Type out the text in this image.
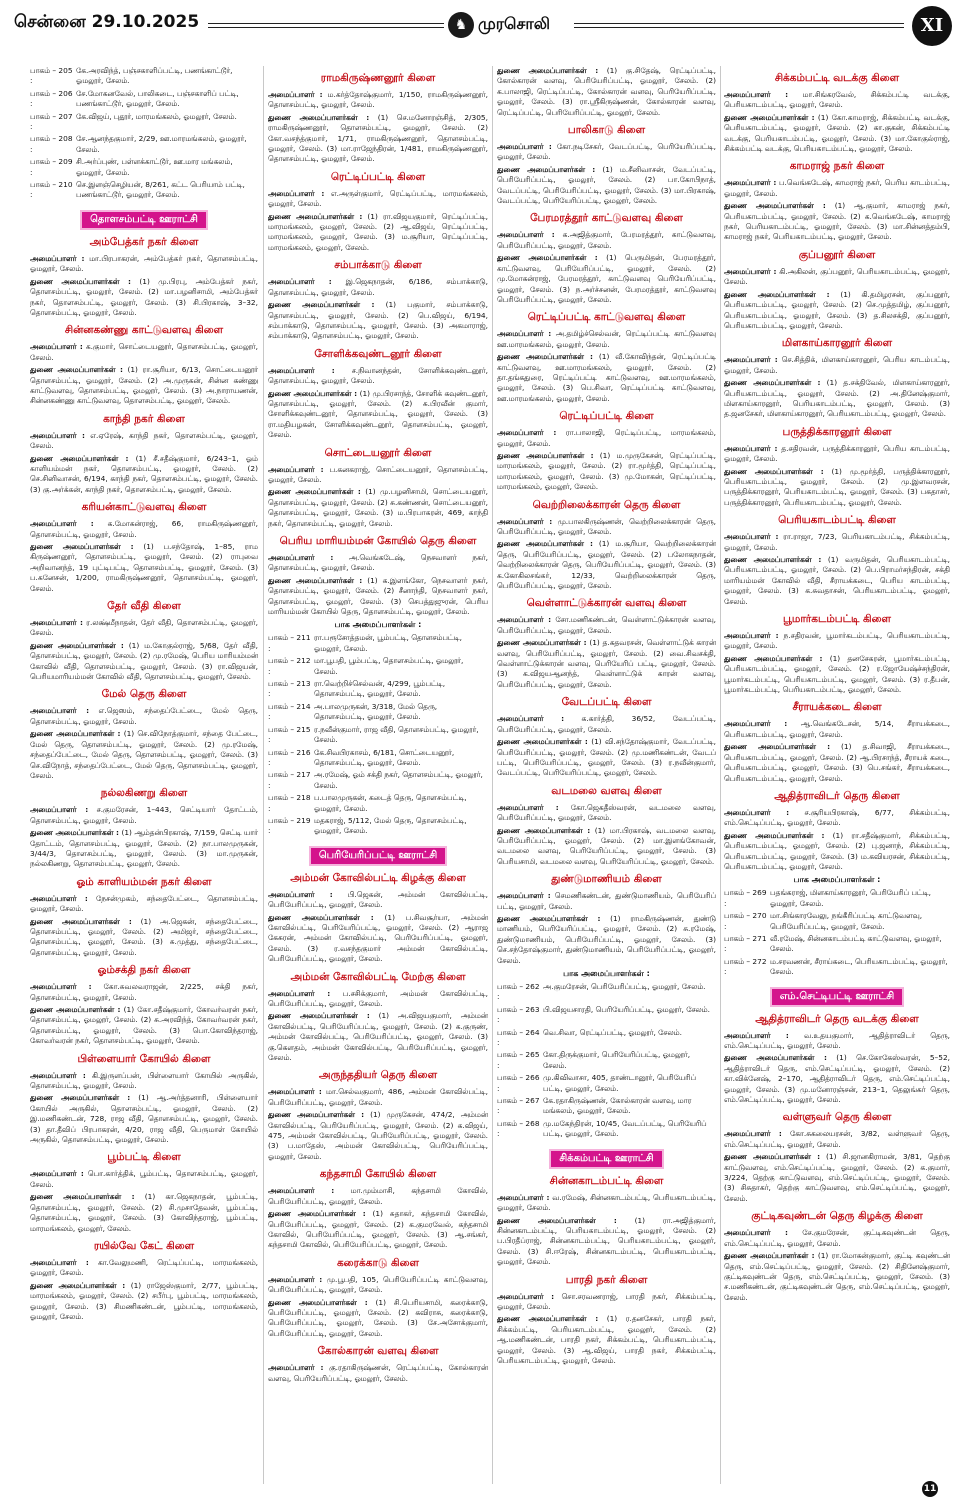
சென்னை 29.10.2025	♞ முரசொலி	XI
பாகம் – 205 :
கே.அரவிந்த், பஞ்சகாளிப்பட்டி, பணங்காட்டூர், ஓமலூர், சேலம்.
பாகம் – 206 :
சே.மோகனவேல், பாலிகடை, பஞ்சகாளிப் பட்டி, பணங்காட்டூர், ஓமலூர், சேலம்.
பாகம் – 207 :
கே.விஜய், புதூர், மாரமங்கலம், ஓமலூர், சேலம்.
பாகம் – 208 :
சே.ஆனந்தகுமார், 2/29, ஊ.மாரமங்கலம், ஓமலூர், சேலம்.
பாகம் – 209 :
சி.அர்ப்புண், பள்ளக்காட்டூர், ஊ.மார மங்கலம், ஓமலூர், சேலம்.
பாகம் – 210 :
செ.இளஞ்செழியன், 8/261, கட்ட பெரியாம் பட்டி, பணங்காட்டூர், ஓமலூர், சேலம்.
தொளசம்பட்டி ஊராட்சி
அம்பேத்கர் நகர் கிளை
அமைப்பாளர் : மா.பிரபாகரன், அம்பேத்கர் நகர், தொளசம்பட்டி, ஓமலூர், சேலம்.
துணை அமைப்பாளர்கள் : (1) மு.பிரபு, அம்பேத்கர் நகர், தொளசம்பட்டி, ஓமலூர், சேலம். (2) மா.பழனிசாமி, அம்பேத்கர் நகர், தொளசம்பட்டி, ஓமலூர், சேலம். (3) சி.பிரகாஷ், 3–32, தொளசம்பட்டி, ஓமலூர், சேலம்.
சின்னகண்ணு காட்டுவளவு கிளை
அமைப்பாளர் : க.குமார், சொட்டையனூர், தொளசம்பட்டி, ஓமலூர், சேலம்.
துணை அமைப்பாளர்கள் : (1) ரா.சூரியா, 6/13, சொட்டையனூர் தொளசம்பட்டி, ஓமலூர், சேலம். (2) அ.முருகன், சின்ன கண்ணு காட்டுவளவு, தொளசம்பட்டி, ஓமலூர், சேலம். (3) அ.நாராயணன், சின்னகண்ணு காட்டுவளவு, தொளசம்பட்டி, ஓமலூர், சேலம்.
காந்தி நகர் கிளை
அமைப்பாளர் : எ.ஏரேஷ், காந்தி நகர், தொளசம்பட்டி, ஓமலூர், சேலம்.
துணை அமைப்பாளர்கள் : (1) சீ.சதீஷ்குமார், 6/243–1, ஓம் காளியம்மன் நகர், தொளசம்பட்டி, ஓமலூர், சேலம். (2) செ.சினிவாசன், 6/194, காந்தி நகர், தொளசம்பட்டி, ஓமலூர், சேலம். (3) கு.அர்க்கன், காந்தி நகர், தொளசம்பட்டி, ஓமலூர், சேலம்.
கரியன்காட்டுவளவு கிளை
அமைப்பாளர் : க.மோகன்ராஜ், 66, ராமகிருஷ்ணனூர், தொளசம்பட்டி, ஓமலூர், சேலம்.
துணை அமைப்பாளர்கள் : (1) ப.சந்தோஷ், 1–85, ராம கிருஷ்ணனூர், தொளசம்பட்டி, ஓமலூர், சேலம். (2) ராபுவை அறிவானந்த், 19 புட்டிபட்டி, தொளசம்பட்டி, ஓமலூர், சேலம். (3) ப.கனேசன், 1/200, ராமகிருஷ்ணனூர், தொளசம்பட்டி, ஓமலூர், சேலம்.
தேர் வீதி கிளை
அமைப்பாளர் : ர.லக்ஷ்மீநாதன், தேர் வீதி, தொளசம்பட்டி, ஓமலூர், சேலம்.
துணை அமைப்பாளர்கள் : (1) ம.கோகுல்ராஜ், 5/68, தேர் வீதி, தொளசம்பட்டி, ஓமலூர், சேலம். (2) மு.ரமேஷ், பெரிய மாரியம்மன் கோவில் வீதி, தொளசம்பட்டி, ஓமலூர், சேலம். (3) ரா.விஜயன், பெரியமாரியம்மன் கோவில் வீதி, தொளசம்பட்டி, ஓமலூர், சேலம்.
மேல் தெரு கிளை
அமைப்பாளர் : எ.ஜெஸம், சந்தைப்பேட்டை, மேல் தெரு, தொளசம்பட்டி, ஓமலூர், சேலம்.
துணை அமைப்பாளர்கள் : (1) செ.விநோத்குமார், சந்தை பேட்டை, மேல் தெரு, தொளசம்பட்டி, ஓமலூர், சேலம். (2) மு.ரமேஷ், சந்தைப்பேட்டை, மேல் தெரு, தொளசம்பட்டி, ஓமலூர், சேலம். (3) செ.விநோத், சந்தைப்பேட்டை, மேல் தெரு, தொளசம்பட்டி, ஓமலூர், சேலம்.
நல்லகிணறு கிளை
அமைப்பாளர் : ச.குமரேசன், 1–443, செட்டியார் தோட்டம், தொளசம்பட்டி, ஓமலூர், சேலம்.
துணை அமைப்பாளர்கள் : (1) ஆம்தன்பிரகாஷ், 7/159, செட்டி யார் தோட்டம், தொளசம்பட்டி, ஓமலூர், சேலம். (2) நா.பாலமுருகன், 3/44/3, தொளசம்பட்டி, ஓமலூர், சேலம். (3) மா.முருகன், நல்லகிணறு, தொளசம்பட்டி, ஓமலூர், சேலம்.
ஓம் காளியம்மன் நகர் கிளை
அமைப்பாளர் : நேசன்முகம், சந்தைபேட்டை, தொளசம்பட்டி, ஓமலூர், சேலம்.
துணை அமைப்பாளர்கள் : (1) அ.ஜெகன், சந்தைபேட்டை, தொளசம்பட்டி, ஓமலூர், சேலம். (2) அமிஜர், சந்தைபேட்டை, தொளசம்பட்டி, ஓமலூர், சேலம். (3) சு.முத்து, சந்தைபேட்டை, தொளசம்பட்டி, ஓமலூர், சேலம்.
ஓம்சக்தி நகர் கிளை
அமைப்பாளர் : கோ.சுவலவராஜன், 2/225, சக்தி நகர், தொளசம்பட்டி, ஓமலூர், சேலம்.
துணை அமைப்பாளர்கள் : (1) கோ.சதீஷ்குமார், கோவர்வரன் நகர், தொளசம்பட்டி, ஓமலூர், சேலம். (2) சு.அரவிந்த், கோவர்வரன் நகர், தொளசம்பட்டி, ஓமலூர், சேலம். (3) பொ.கோவிந்தராஜ், கோவர்வரன் நகர், தொளசம்பட்டி, ஓமலூர், சேலம்.
பிள்ளையார் கோயில் கிளை
அமைப்பாளர் : கி.இருளப்பன், பிள்ளையார் கோயில் அருகில், தொளசம்பட்டி, ஓமலூர், சேலம்.
துணை அமைப்பாளர்கள் : (1) ஆ.அர்த்தனாரி, பிள்ளையார் கோயில் அருகில், தொளசம்பட்டி, ஓமலூர், சேலம். (2) இ.மணிகண்டன், 728, ராஜ வீதி, தொளசம்பட்டி, ஓமலூர், சேலம். (3) தா.தீவிப் பிரபாகரன், 4/20, ராஜ வீதி, பெருமாள் கோயில் அருகில், தொளசம்பட்டி, ஓமலூர், சேலம்.
பூம்பட்டி கிளை
அமைப்பாளர் : பொ.கார்த்திக், பூம்பட்டி, தொளசம்பட்டி, ஓமலூர், சேலம்.
துணை அமைப்பாளர்கள் : (1) கா.ஜெகநாதன், பூம்பட்டி, தொளசம்பட்டி, ஓமலூர், சேலம். (2) சி.முசாதேவன், பூம்பட்டி, தொளசம்பட்டி, ஓமலூர், சேலம். (3) கோவிந்தராஜ், பூம்பட்டி, மாரமங்கலம், ஓமலூர், சேலம்.
ரயில்வே கேட் கிளை
அமைப்பாளர் : கா.வேலுமணி, ரெட்டிப்பட்டி, மாரமங்கலம், ஓமலூர், சேலம்.
துணை அமைப்பாளர்கள் : (1) ராஜேஸ்குமார், 2/77, பூம்பட்டி, மாரமங்கலம், ஓமலூர், சேலம். (2) சபீர்பு, பூம்பட்டி, மாரமங்கலம், ஓமலூர், சேலம். (3) சிமணிகண்டன், பூம்பட்டி, மாரமங்கலம், ஓமலூர், சேலம்.
ராமகிருஷ்ணனூர் கிளை
அமைப்பாளர் : ம.கர்த்தோஷ்குமார், 1/150, ராமகிருஷ்ணனூர், தொளசம்பட்டி, ஓமலூர், சேலம்.
துணை அமைப்பாளர்கள் : (1) செ.மனோரஞ்சித், 2/305, ராமகிருஷ்ணனூர், தொளசம்பட்டி, ஓமலூர், சேலம். (2) கோ.வசந்த்குமார், 1/71, ராமகிருஷ்ணனூர், தொளசம்பட்டி, ஓமலூர், சேலம். (3) மா.ராஜேந்திரன், 1/481, ராமகிருஷ்ணனூர், தொளசம்பட்டி, ஓமலூர், சேலம்.
ரெட்டிப்பட்டி கிளை
அமைப்பாளர் : எ.அருள்குமார், ரெட்டிப்பட்டி, மாரமங்கலம், ஓமலூர், சேலம்.
துணை அமைப்பாளர்கள் : (1) ரா.விஜயகுமார், ரெட்டிப்பட்டி, மாரமங்கலம், ஓமலூர், சேலம். (2) ஆ.விஜய், ரெட்டிப்பட்டி, மாரமங்கலம், ஓமலூர், சேலம். (3) ம.சூரியா, ரெட்டிப்பட்டி, மாரமங்கலம், ஓமலூர், சேலம்.
சம்பாக்காடு கிளை
அமைப்பாளர் : இ.ஜெகநாதன், 6/186, சம்பாக்காடு, தொளசம்பட்டி, ஓமலூர், சேலம்.
துணை அமைப்பாளர்கள் : (1) பகுமார், சம்பாக்காடு, தொளசம்பட்டி, ஓமலூர், சேலம். (2) பெ.விஜய், 6/194, சம்பாக்காடு, தொளசம்பட்டி, ஓமலூர், சேலம். (3) அகமாராஜ், சம்பாக்காடு, தொளசம்பட்டி, ஓமலூர், சேலம்.
சோளிக்கவுண்டனூர் கிளை
அமைப்பாளர் : ச.நிவானந்தன், சோளிக்கவுண்டனூர், தொளசம்பட்டி, ஓமலூர், சேலம்.
துணை அமைப்பாளர்கள் : (1) மு.பிரசாந்த், சோளிக் கவுண்டனூர், தொளசம்பட்டி, ஓமலூர், சேலம். (2) சு.பிரவீன் குமார், சோளிக்கவுண்டனூர், தொளசம்பட்டி, ஓமலூர், சேலம். (3) ரா.மதியழகன், சோளிக்கவுண்டனூர், தொளசம்பட்டி, ஓமலூர், சேலம்.
சொட்டையனூர் கிளை
அமைப்பாளர் : ப.கனகராஜ், சொட்டையனூர், தொளசம்பட்டி, ஓமலூர், சேலம்.
துணை அமைப்பாளர்கள் : (1) மு.பழனிசாமி, சொட்டையனூர், தொளசம்பட்டி, ஓமலூர், சேலம். (2) சு.கண்ணன், சொட்டையனூர், தொளசம்பட்டி, ஓமலூர், சேலம். (3) ம.பிரபாகரன், 469, காந்தி நகர், தொளசம்பட்டி, ஓமலூர், சேலம்.
பெரிய மாரியம்மன் கோயில் தெரு கிளை
அமைப்பாளர் : அ.வெங்கடேஷ், நெசவாளர் நகர், தொளசம்பட்டி, ஓமலூர், சேலம்.
துணை அமைப்பாளர்கள் : (1) க.இளங்கோ, நெசவாளர் நகர், தொளசம்பட்டி, ஓமலூர், சேலம். (2) சீனாந்தி, நெசவாளர் நகர், தொளசம்பட்டி, ஓமலூர், சேலம். (3) செபத்துஜுரன், பெரிய மாரியம்மன் கோயில் தெரு, தொளசம்பட்டி, ஓமலூர், சேலம்.
பாக அமைப்பாளர்கள் :
பாகம் – 211 :
ரா.பரூசோத்தமன், பூம்பட்டி, தொளசம்பட்டி, ஓமலூர், சேலம்.
பாகம் – 212 :
மா.பூபதி, பூம்பட்டி, தொளசம்பட்டி, ஓமலூர், சேலம்.
பாகம் – 213 :
ரா.வெற்றிச்செல்வன், 4/299, பூம்பட்டி, தொளசம்பட்டி, ஓமலூர், சேலம்.
பாகம் – 214 :
அ.பாலமுருகன், 3/318, மேல் தெரு, தொளசம்பட்டி, ஓமலூர், சேலம்.
பாகம் – 215 :
ர.நவீன்குமார், ராஜ வீதி, தொளசம்பட்டி, ஓமலூர், சேலம்.
பாகம் – 216 :
கே.சிவபிரகாசம், 6/181, சொட்டையனூர், தொளசம்பட்டி, ஓமலூர், சேலம்.
பாகம் – 217 :
அ.ரமேஷ், ஓம் சக்தி நகர், தொளசம்பட்டி, ஓமலூர், சேலம்.
பாகம் – 218 :
ப.பாலமுருகன், கடைத் தெரு, தொளசம்பட்டி, ஓமலூர், சேலம்.
பாகம் – 219 :
மதகராஜ், 5/112, மேல் தெரு, தொளசம்பட்டி, ஓமலூர், சேலம்.
பெரியேரிப்பட்டி ஊராட்சி
அம்மன் கோவில்பட்டி கிழக்கு கிளை
அமைப்பாளர் : பி.ஜெகன், அம்மன் கோவில்பட்டி, பெரியேரிப்பட்டி, ஓமலூர், சேலம்.
துணை அமைப்பாளர்கள் : (1) ப.சிவசூர்யா, அம்மன் கோவில்பட்டி, பெரியேரிப்பட்டி, ஓமலூர், சேலம். (2) ஆராஜ கேசுரன், அம்மன் கோவில்பட்டி, பெரியேரிப்பட்டி, ஓமலூர், சேலம். (3) ர.வசந்தகுமார் அம்மன் கோவில்பட்டி, பெரியேரிப்பட்டி, ஓமலூர், சேலம்.
அம்மன் கோவில்பட்டி மேற்கு கிளை
அமைப்பாளர் : ப.சசிக்குமார், அம்மன் கோவில்பட்டி, பெரியேரிப்பட்டி, ஓமலூர், சேலம்.
துணை அமைப்பாளர்கள் : (1) அ.விஜயகுமார், அம்மன் கோவில்பட்டி, பெரியேரிப்பட்டி, ஓமலூர், சேலம். (2) க.குருண், அம்மன் கோவில்பட்டி, பெரியேரிப்பட்டி, ஓமலூர், சேலம். (3) கு.கௌதம், அம்மன் கோவில்பட்டி, பெரியேரிப்பட்டி, ஓமலூர், சேலம்.
அருந்ததியர் தெரு கிளை
அமைப்பாளர் : மா.செல்வகுமார், 486, அம்மன் கோவில்பட்டி, பெரியேரிப்பட்டி, ஓமலூர், சேலம்.
துணை அமைப்பாளர்கள் : (1) முருகேசன், 474/2, அம்மன் கோவில்பட்டி, பெரியேரிப்பட்டி, ஓமலூர், சேலம். (2) க.விஜய், 475, அம்மன் கோவில்பட்டி, பெரியேரிப்பட்டி, ஓமலூர், சேலம். (3) ப.மாதேஸ், அம்மன் கோவில்பட்டி, பெரியேரிப்பட்டி, ஓமலூர், சேலம்.
கந்தசாமி கோயில் கிளை
அமைப்பாளர் : மா.மும்மாசி, கந்தசாமி கோவில், பெரியேரிப்பட்டி, ஓமலூர், சேலம்.
துணை அமைப்பாளர்கள் : (1) சுதாகர், கந்தசாமி கோவில், பெரியேரிப்பட்டி, ஓமலூர், சேலம். (2) க.குமரவேல், கந்தசாமி கோவில், பெரியேரிப்பட்டி, ஓமலூர், சேலம். (3) ஆ.சங்கர், கந்தசாமி கோவில், பெரியேரிப்பட்டி, ஓமலூர், சேலம்.
கரைக்காடு கிளை
அமைப்பாளர் : மு.பூபதி, 105, பெரியேரிப்பட்டி காட்டுவளவு, பெரியேரிப்பட்டி, ஓமலூர், சேலம்.
துணை அமைப்பாளர்கள் : (1) சி.பெரியசாமி, கரைக்காடு, பெரியேரிப்பட்டி, ஓமலூர், சேலம். (2) கவிராசு, கரைக்காடு, பெரியேரிப்பட்டி, ஓமலூர், சேலம். (3) சே.அசோக்குமார், பெரியேரிப்பட்டி, ஓமலூர், சேலம்.
கோல்காரன் வளவு கிளை
அமைப்பாளர் : கு.ரதாகிருஷ்ணன், ரெட்டிப்பட்டி, கோல்காரன் வளவு, பெரியேரிப்பட்டி, ஓமலூர், சேலம்.
துணை அமைப்பாளர்கள் : (1) கு.சிதேஷ், ரெட்டிப்பட்டி, கோல்காரன் வளவு, பெரியேரிப்பட்டி, ஓமலூர், சேலம். (2) க.பாலாஜி, ரெட்டிப்பட்டி, கோல்காரன் வளவு, பெரியேரிப்பட்டி, ஓமலூர், சேலம். (3) ரா.ஸ்ரீகிருஷ்ணன், கோல்காரன் வளவு, ரெட்டிப்பட்டி, பெரியேரிப்பட்டி, ஓமலூர், சேலம்.
பாலிகாடு கிளை
அமைப்பாளர் : கோ.நடிசேகர், வேடப்பட்டி, பெரியேரிப்பட்டி, ஓமலூர், சேலம்.
துணை அமைப்பாளர்கள் : (1) ம.சீனிவாசன், வேடப்பட்டி, பெரியேரிப்பட்டி, ஓமலூர், சேலம். (2) பா.கோபிநாத், வேடப்பட்டி, பெரியேரிப்பட்டி, ஓமலூர், சேலம். (3) மா.பிரகாஷ், வேடப்பட்டி, பெரியேரிப்பட்டி, ஓமலூர், சேலம்.
பேரமரத்தூர் காட்டுவளவு கிளை
அமைப்பாளர் : க.அஜித்குமார், பேரமரத்தூர், காட்டுவளவு, பெரியேரிப்பட்டி, ஓமலூர், சேலம்.
துணை அமைப்பாளர்கள் : (1) பெருமிதன், பேரமரத்தூர், காட்டுவளவு, பெரியேரிப்பட்டி, ஓமலூர், சேலம். (2) மு.மோகன்ராஜ், பேரமரத்தூர், காட்டுவளவு பெரியேரிப்பட்டி, ஓமலூர், சேலம். (3) ந.அர்ச்சனன், பேரமரத்தூர், காட்டுவளவு பெரியேரிப்பட்டி, ஓமலூர், சேலம்.
ரெட்டிப்பட்டி காட்டுவளவு கிளை
அமைப்பாளர் : அ.தமிழ்ச்செல்வன், ரெட்டிப்பட்டி காட்டுவளவு ஊ.மாரமங்கலம், ஓமலூர், சேலம்.
துணை அமைப்பாளர்கள் : (1) வீ.கோவிந்தன், ரெட்டிப்பட்டி காட்டுவளவு, ஊ.மாரமங்கலம், ஓமலூர், சேலம். (2) தா.தங்கதுரை, ரெட்டிப்பட்டி காட்டுவளவு, ஊ.மாரமங்கலம், ஓமலூர், சேலம். (3) பெ.சிவா, ரெட்டிப்பட்டி காட்டுவளவு, ஊ.மாரமங்கலம், ஓமலூர், சேலம்.
ரெட்டிப்பட்டி கிளை
அமைப்பாளர் : ரா.பாலாஜி, ரெட்டிப்பட்டி, மாரமங்கலம், ஓமலூர், சேலம்.
துணை அமைப்பாளர்கள் : (1) ம.முருகேசன், ரெட்டிப்பட்டி, மாரமங்கலம், ஓமலூர், சேலம். (2) ரா.மூர்த்தி, ரெட்டிப்பட்டி, மாரமங்கலம், ஓமலூர், சேலம். (3) மு.மோகன், ரெட்டிப்பட்டி, மாரமங்கலம், ஓமலூர், சேலம்.
வெற்றிலைக்காரன் தெரு கிளை
அமைப்பாளர் : மு.பாலகிருஷ்ணன், வெற்றிலைக்காரன் தெரு, பெரியேரிப்பட்டி, ஓமலூர், சேலம்.
துணை அமைப்பாளர்கள் : (1) ம.சூரியா, வெற்றிலைக்காரன் தெரு, பெரியேரிப்பட்டி, ஓமலூர், சேலம். (2) பலோகநாதன், வெற்றிலைக்காரன் தெரு, பெரியேரிப்பட்டி, ஓமலூர், சேலம். (3) க.கோகிலசங்கர், 12/33, வெற்றிலைக்காரன் தெரு, பெரியேரிப்பட்டி, ஓமலூர், சேலம்.
வெள்ளாட்டுக்காரன் வளவு கிளை
அமைப்பாளர் : சோ.மணிகண்டன், வெள்ளாட்டுக்காரன் வளவு, பெரியேரிப்பட்டி, ஓமலூர், சேலம்.
துணை அமைப்பாளர்கள் : (1) த.கதவரசன், வெள்ளாட்டுக் காரன் வளவு, பெரியேரிப்பட்டி, ஓமலூர், சேலம். (2) வை.சிவசக்தி, வெள்ளாட்டுக்காரன் வளவு, பெரியேரிப் பட்டி, ஓமலூர், சேலம். (3) க.விஜயஆனந்த், வெள்ளாட்டுக் காரன் வளவு, பெரியேரிப்பட்டி, ஓமலூர், சேலம்.
வேடப்பட்டி கிளை
அமைப்பாளர் : க.கார்த்தி, 36/52, வேடப்பட்டி, பெரியேரிப்பட்டி, ஓமலூர், சேலம்.
துணை அமைப்பாளர்கள் : (1) வி.சந்தோஷ்குமார், வேடப்பட்டி, பெரியேரிப்பட்டி, ஓமலூர், சேலம். (2) மு.மணிகண்டன், வேடப் பட்டி, பெரியேரிப்பட்டி, ஓமலூர், சேலம். (3) ர.நவீன்குமார், வேடப்பட்டி, பெரியேரிப்பட்டி, ஓமலூர், சேலம்.
வடமலை வளவு கிளை
அமைப்பாளர் : கோ.ஜெகதீஸ்வரன், வடமலை வளவு, பெரியேரிப்பட்டி, ஓமலூர், சேலம்.
துணை அமைப்பாளர்கள் : (1) மா.பிரகாஷ், வடமலை வளவு, பெரியேரிப்பட்டி, ஓமலூர், சேலம். (2) மா.இளங்கோவன், வடமலை வளவு, பெரியேரிப்பட்டி, ஓமலூர், சேலம். (3) பெரியசாமி, வடமலை வளவு, பெரியேரிப்பட்டி, ஓமலூர், சேலம்.
துண்டுமாணியம் கிளை
அமைப்பாளர் : செமணிகண்டன், துண்டுமாணியம், பெரியேரிப் பட்டி, ஓமலூர், சேலம்.
துணை அமைப்பாளர்கள் : (1) ராமகிருஷ்ணன், துண்டு மாணியம், பெரியேரிப்பட்டி, ஓமலூர், சேலம். (2) சு.ரமேஷ், துண்டுமாணியம், பெரியேரிப்பட்டி, ஓமலூர், சேலம். (3) செ.சந்தோஷ்குமார், துண்டுமாணியம், பெரியேரிப்பட்டி, ஓமலூர், சேலம்.
பாக அமைப்பாளர்கள் :
பாகம் – 262 :
அ.குமரேசன், பெரியேரிப்பட்டி, ஓமலூர், சேலம்.
பாகம் – 263 :
பி.விஜயசாரதி, பெரியேரிப்பட்டி, ஓமலூர், சேலம்.
பாகம் – 264 :
வெ.சிவா, ரெட்டிப்பட்டி, ஓமலூர், சேலம்.
பாகம் – 265 :
கோ.திருக்குமார், பெரியேரிப்பட்டி, ஓமலூர், சேலம்.
பாகம் – 266 :
மு.கிவிவாசா, 405, தாண்டானூர், பெரியேரிப் பட்டி, ஓமலூர், சேலம்.
பாகம் – 267 :
கே.ரதாகிருஷ்ணன், கோல்காரன் வளவு, மார மங்கலம், ஓமலூர், சேலம்.
பாகம் – 268 :
மு.மகேந்திரன், 10/45, வேடப்பட்டி, பெரியேரிப் பட்டி, ஓமலூர், சேலம்.
சிக்கம்பட்டி ஊராட்சி
சின்னகாடம்பட்டி கிளை
அமைப்பாளர் : வ.ரமேஷ், சின்னகாடம்பட்டி, பெரியகாடம்பட்டி, ஓமலூர், சேலம்.
துணை அமைப்பாளர்கள் : (1) ரா.அஜித்குமார், சின்னகாடம்பட்டி, பெரியகாடம்பட்டி, ஓமலூர், சேலம். (2) ப.பிரதீப்ராஜ், சின்னகாடம்பட்டி, பெரியகாடம்பட்டி, ஓமலூர், சேலம். (3) சி.ஈரேஷ், சின்னகாடம்பட்டி, பெரியகாடம்பட்டி, ஓமலூர், சேலம்.
பாரதி நகர் கிளை
அமைப்பாளர் : சொ.சரவணராஜ், பாரதி நகர், சிக்கம்பட்டி, ஓமலூர், சேலம்.
துணை அமைப்பாளர்கள் : (1) ர.தனசேகர், பாரதி நகர், சிக்கம்பட்டி, பெரியகாடம்பட்டி, ஓமலூர், சேலம். (2) ஆ.மணிகண்டன், பாரதி நகர், சிக்கம்பட்டி, பெரியகாடம்பட்டி, ஓமலூர், சேலம். (3) ஆ.விஜய், பாரதி நகர், சிக்கம்பட்டி, பெரியகாடம்பட்டி, ஓமலூர், சேலம்.
சிக்கம்பட்டி வடக்கு கிளை
அமைப்பாளர் : மா.சிங்கரவேல், சிக்கம்பட்டி வடக்கு, பெரியகாடம்பட்டி, ஓமலூர், சேலம்.
துணை அமைப்பாளர்கள் : (1) கோ.காமராஜ், சிக்கம்பட்டி வடக்கு, பெரியகாடம்பட்டி, ஓமலூர், சேலம். (2) கா.குகன், சிக்கம்பட்டி வடக்கு, பெரியகாடம்பட்டி, ஓமலூர், சேலம். (3) மா.கோகுல்ராஜ், சிக்கம்பட்டி வடக்கு, பெரியகாடம்பட்டி, ஓமலூர், சேலம்.
காமராஜ் நகர் கிளை
அமைப்பாளர் : ப.வெங்கடேஷ், காமராஜ் நகர், பெரிய காடம்பட்டி, ஓமலூர், சேலம்.
துணை அமைப்பாளர்கள் : (1) ஆ.குமார், காமராஜ் நகர், பெரியகாடம்பட்டி, ஓமலூர், சேலம். (2) க.வெங்கடேஷ், காமராஜ் நகர், பெரியகாடம்பட்டி, ஓமலூர், சேலம். (3) மா.சின்னத்தம்பி, காமராஜ் நகர், பெரியகாடம்பட்டி, ஓமலூர், சேலம்.
குப்பனூர் கிளை
அமைப்பாளர் : கி.அகிலன், குப்பனூர், பெரியகாடம்பட்டி, ஓமலூர், சேலம்.
துணை அமைப்பாளர்கள் : (1) கி.தமிழரசன், குப்பனூர், பெரியகாடம்பட்டி, ஓமலூர், சேலம். (2) செ.முத்தமிழ், குப்பனூர், பெரியகாடம்பட்டி, ஓமலூர், சேலம். (3) த.சிலசக்தி, குப்பனூர், பெரியகாடம்பட்டி, ஓமலூர், சேலம்.
மிளகாய்காரனூர் கிளை
அமைப்பாளர் : செ.சித்திக், மிளகாய்காரனூர், பெரிய காடம்பட்டி, ஓமலூர், சேலம்.
துணை அமைப்பாளர்கள் : (1) த.சக்திவேல், மிளகாய்காரனூர், பெரியகாடம்பட்டி, ஓமலூர், சேலம். (2) அ.தினேஷ்குமார், மிளகாய்காரனூர், பெரியகாடம்பட்டி, ஓமலூர், சேலம். (3) த.ஜனசேகர், மிளகாய்காரனூர், பெரியகாடம்பட்டி, ஓமலூர், சேலம்.
பருத்திக்காரனூர் கிளை
அமைப்பாளர் : த.சதிரவன், பருத்திக்காரனூர், பெரிய காடம்பட்டி, ஓமலூர், சேலம்.
துணை அமைப்பாளர்கள் : (1) மு.மூர்த்தி, பருத்திக்காரனூர், பெரியகாடம்பட்டி, ஓமலூர், சேலம். (2) மு.இளவரசன், பருத்திக்காரனூர், பெரியகாடம்பட்டி, ஓமலூர், சேலம். (3) பகதாசர், பருத்திக்காரனூர், பெரியகாடம்பட்டி, ஓமலூர், சேலம்.
பெரியகாடம்பட்டி கிளை
அமைப்பாளர் : ரா.ராஜா, 7/23, பெரியகாடம்பட்டி, சிக்கம்பட்டி, ஓமலூர், சேலம்.
துணை அமைப்பாளர்கள் : (1) வருமிதன், பெரியகாடம்பட்டி, பெரியகாடம்பட்டி, ஓமலூர், சேலம். (2) பெ.பிராமர்சந்திரன், சக்தி மாரியம்மன் கோவில் வீதி, சீராயக்கடை, பெரிய காடம்பட்டி, ஓமலூர், சேலம். (3) க.சுவதாசன், பெரியகாடம்பட்டி, ஓமலூர், சேலம்.
பூமார்கடம்பட்டி கிளை
அமைப்பாளர் : ந.சதிரவன், பூமார்கடம்பட்டி, பெரியகாடம்பட்டி, ஓமலூர், சேலம்.
துணை அமைப்பாளர்கள் : (1) தனசேகரன், பூமார்கடம்பட்டி, பெரியகாடம்பட்டி, ஓமலூர், சேலம். (2) ர.ஜோயேஷ்ச்சந்திரன், பூமார்கடம்பட்டி, பெரியகாடம்பட்டி, ஓமலூர், சேலம். (3) ர.தீபன், பூமார்கடம்பட்டி, பெரியகாடம்பட்டி, ஓமலூர், சேலம்.
சீராயக்கடை கிளை
அமைப்பாளர் : ஆ.வெங்கடேசன், 5/14, சீராயக்கடை, பெரியகாடம்பட்டி, ஓமலூர், சேலம்.
துணை அமைப்பாளர்கள் : (1) த.சிவாஜி, சீராயக்கடை, பெரியகாடம்பட்டி, ஓமலூர், சேலம். (2) ஆ.பிரசாந்த், சீராயக் கடை, பெரியகாடம்பட்டி, ஓமலூர், சேலம். (3) பெ.சங்கர், சீராயக்கடை, பெரியகாடம்பட்டி, ஓமலூர், சேலம்.
ஆதித்ராவிடர் தெரு கிளை
அமைப்பாளர் : ச.சூரியபிரகாஷ், 6/77, சிக்கம்பட்டி, எம்.செட்டிப்பட்டி, ஓமலூர், சேலம்.
துணை அமைப்பாளர்கள் : (1) ரா.சதீஷ்குமார், சிக்கம்பட்டி, பெரியகாடம்பட்டி, ஓமலூர், சேலம். (2) பு.ஜனாந், சிக்கம்பட்டி, பெரியகாடம்பட்டி, ஓமலூர், சேலம். (3) ம.கவியரசன், சிக்கம்பட்டி, பெரியகாடம்பட்டி, ஓமலூர், சேலம்.
பாக அமைப்பாளர்கள் :
பாகம் – 269 :
பதங்கராஜ், மிளகாய்காரனூர், பெரியேரிப் பட்டி, ஓமலூர், சேலம்.
பாகம் – 270 :
மா.சிங்காரவேலு, நங்கீரிப்பட்டி காட்டுவளவு, பெரியேரிப்பட்டி, ஓமலூர், சேலம்.
பாகம் – 271 :
வீ.ரமேஷ், சின்னகாடம்பட்டி காட்டுவளவு, ஓமலூர், சேலம்.
பாகம் – 272 :
ம.சரவணன், சீராய்கடை, பெரியகாடம்பட்டி, ஓமலூர், சேலம்.
எம்.செட்டிபட்டி ஊராட்சி
ஆதித்ராவிடர் தெரு வடக்கு கிளை
அமைப்பாளர் : வ.உதயகுமார், ஆதித்ராவிடர் தெரு, எம்.செட்டிப்பட்டி, ஓமலூர், சேலம்.
துணை அமைப்பாளர்கள் : (1) செ.கோகேஸ்வரன், 5–52, ஆதித்ராவிடர் தெரு, எம்.செட்டிப்பட்டி, ஓமலூர், சேலம். (2) கா.விக்னேஷ், 2–170, ஆதித்ராவிடர் தெரு, எம்.செட்டிப்பட்டி, ஓமலூர், சேலம். (3) மு.மனோரஞ்சன், 213–1, தெலுங்கர் தெரு, எம்.செட்டிப்பட்டி, ஓமலூர், சேலம்.
வள்ளுவர் தெரு கிளை
அமைப்பாளர் : கோ.சுகலையரசன், 3/82, வள்ளுவர் தெரு, எம்.செட்டிப்பட்டி, ஓமலூர், சேலம்.
துணை அமைப்பாளர்கள் : (1) சி.ஜானகிராமன், 3/81, தெற்கு காட்டுவளவு, எம்.செட்டிப்பட்டி, ஓமலூர், சேலம். (2) க.குமார், 3/224, தெற்கு காட்டுவளவு, எம்.செட்டிப்பட்டி, ஓமலூர், சேலம். (3) சிசுதாகர், தெற்கு காட்டுவளவு, எம்.செட்டிப்பட்டி, ஓமலூர், சேலம்.
குட்டிகவுண்டன் தெரு கிழக்கு கிளை
அமைப்பாளர் : சே.குமரேசன், குட்டிகவுண்டன் தெரு, எம்.செட்டிப்பட்டி, ஓமலூர், சேலம்.
துணை அமைப்பாளர்கள் : (1) ரா.மோகன்குமார், குட்டி கவுண்டன் தெரு, எம்.செட்டிப்பட்டி, ஓமலூர், சேலம். (2) சிதினேஷ்குமார், குட்டிகவுண்டன் தெரு, எம்.செட்டிப்பட்டி, ஓமலூர், சேலம். (3) ச.மணிகண்டன், குட்டிகவுண்டன் தெரு, எம்.செட்டிப்பட்டி, ஓமலூர், சேலம்.
11
